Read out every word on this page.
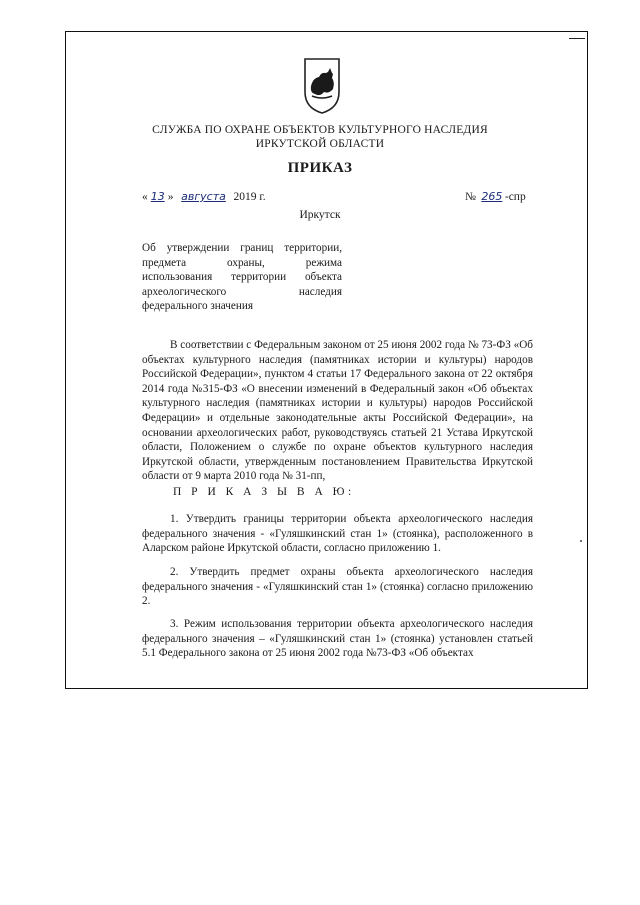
СЛУЖБА ПО ОХРАНЕ ОБЪЕКТОВ КУЛЬТУРНОГО НАСЛЕДИЯ
ИРКУТСКОЙ ОБЛАСТИ
ПРИКАЗ
« 13 » августа 2019 г.	№ 265 -спр
Иркутск
Об утверждении границ территории,
предмета охраны, режима
использования территории объекта
археологического наследия
федерального значения
В соответствии с Федеральным законом от 25 июня 2002 года № 73-ФЗ «Об объектах культурного наследия (памятниках истории и культуры) народов Российской Федерации», пунктом 4 статьи 17 Федерального закона от 22 октября 2014 года №315-ФЗ «О внесении изменений в Федеральный закон «Об объектах культурного наследия (памятниках истории и культуры) народов Российской Федерации» и отдельные законодательные акты Российской Федерации», на основании археологических работ, руководствуясь статьей 21 Устава Иркутской области, Положением о службе по охране объектов культурного наследия Иркутской области, утвержденным постановлением Правительства Иркутской области от 9 марта 2010 года № 31-пп,
П Р И К А З Ы В А Ю:
1. Утвердить границы территории объекта археологического наследия федерального значения - «Гуляшкинский стан 1» (стоянка), расположенного в Аларском районе Иркутской области, согласно приложению 1.
2. Утвердить предмет охраны объекта археологического наследия федерального значения - «Гуляшкинский стан 1» (стоянка) согласно приложению 2.
3. Режим использования территории объекта археологического наследия федерального значения – «Гуляшкинский стан 1» (стоянка) установлен статьей 5.1 Федерального закона от 25 июня 2002 года №73-ФЗ «Об объектах
